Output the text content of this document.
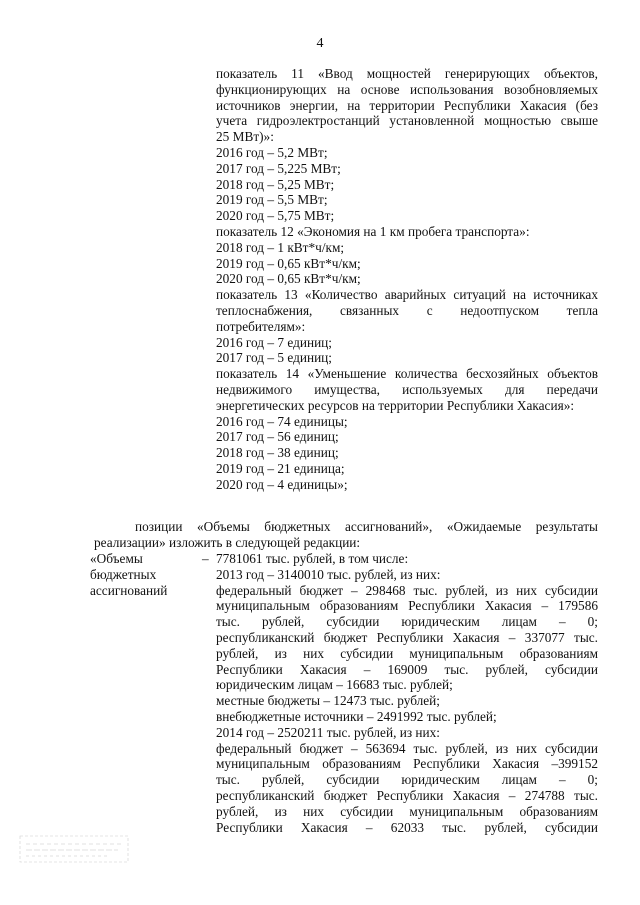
4
показатель 11 «Ввод мощностей генерирующих объектов,
функционирующих на основе использования возобновляемых
источников энергии, на территории Республики Хакасия (без
учета гидроэлектростанций установленной мощностью свыше
25 МВт)»:
2016 год – 5,2 МВт;
2017 год – 5,225 МВт;
2018 год – 5,25 МВт;
2019 год – 5,5 МВт;
2020 год – 5,75 МВт;
показатель 12 «Экономия на 1 км пробега транспорта»:
2018 год – 1 кВт*ч/км;
2019 год – 0,65 кВт*ч/км;
2020 год – 0,65 кВт*ч/км;
показатель 13 «Количество аварийных ситуаций на источниках
теплоснабжения, связанных с недоотпуском тепла
потребителям»:
2016 год – 7 единиц;
2017 год – 5 единиц;
показатель 14 «Уменьшение количества бесхозяйных объектов
недвижимого имущества, используемых для передачи
энергетических ресурсов на территории Республики Хакасия»:
2016 год – 74 единицы;
2017 год – 56 единиц;
2018 год – 38 единиц;
2019 год – 21 единица;
2020 год – 4 единицы»;
позиции «Объемы бюджетных ассигнований», «Ожидаемые результаты
реализации» изложить в следующей редакции:
«Объемы
бюджетных
ассигнований
– 7781061 тыс. рублей, в том числе:
2013 год – 3140010 тыс. рублей, из них:
федеральный бюджет – 298468 тыс. рублей, из них субсидии
муниципальным образованиям Республики Хакасия – 179586
тыс. рублей, субсидии юридическим лицам – 0;
республиканский бюджет Республики Хакасия – 337077 тыс.
рублей, из них субсидии муниципальным образованиям
Республики Хакасия – 169009 тыс. рублей, субсидии
юридическим лицам – 16683 тыс. рублей;
местные бюджеты – 12473 тыс. рублей;
внебюджетные источники – 2491992 тыс. рублей;
2014 год – 2520211 тыс. рублей, из них:
федеральный бюджет – 563694 тыс. рублей, из них субсидии
муниципальным образованиям Республики Хакасия –399152
тыс. рублей, субсидии юридическим лицам – 0;
республиканский бюджет Республики Хакасия – 274788 тыс.
рублей, из них субсидии муниципальным образованиям
Республики Хакасия – 62033 тыс. рублей, субсидии
